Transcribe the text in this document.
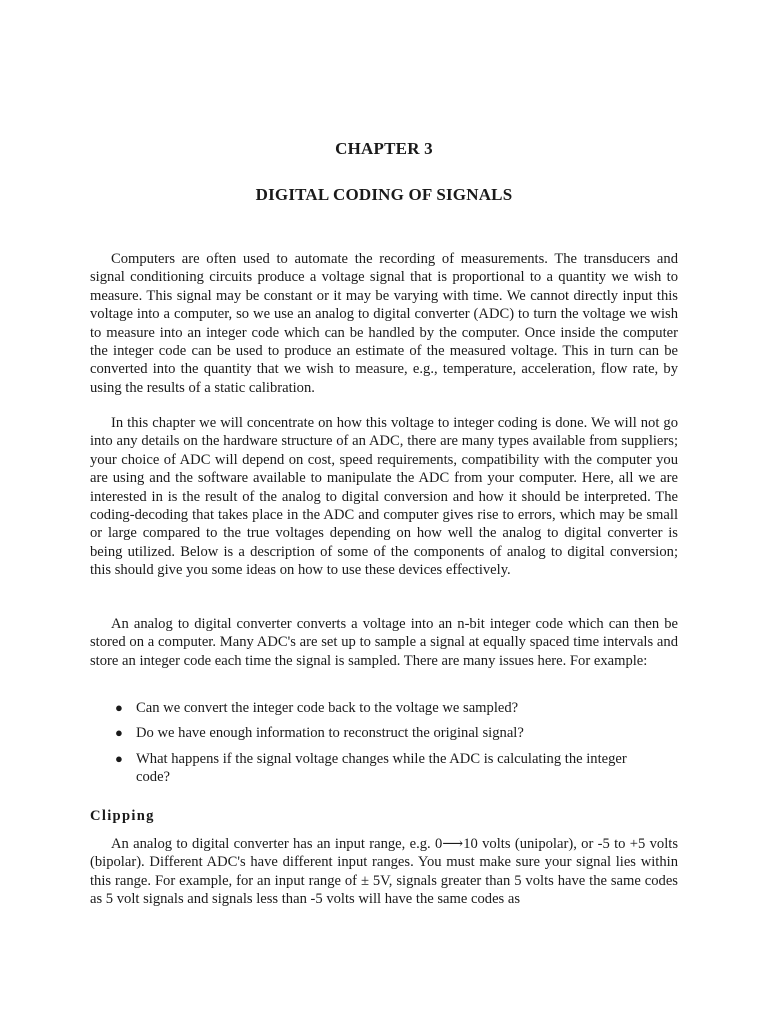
CHAPTER 3
DIGITAL CODING OF SIGNALS

Computers are often used to automate the recording of measurements. The transducers and signal conditioning circuits produce a voltage signal that is proportional to a quantity we wish to measure. This signal may be constant or it may be varying with time. We cannot directly input this voltage into a computer, so we use an analog to digital converter (ADC) to turn the voltage we wish to measure into an integer code which can be handled by the computer. Once inside the computer the integer code can be used to produce an estimate of the measured voltage. This in turn can be converted into the quantity that we wish to measure, e.g., temperature, acceleration, flow rate, by using the results of a static calibration.

In this chapter we will concentrate on how this voltage to integer coding is done. We will not go into any details on the hardware structure of an ADC, there are many types available from suppliers; your choice of ADC will depend on cost, speed requirements, compatibility with the computer you are using and the software available to manipulate the ADC from your computer. Here, all we are interested in is the result of the analog to digital conversion and how it should be interpreted. The coding-decoding that takes place in the ADC and computer gives rise to errors, which may be small or large compared to the true voltages depending on how well the analog to digital converter is being utilized. Below is a description of some of the components of analog to digital conversion; this should give you some ideas on how to use these devices effectively.

An analog to digital converter converts a voltage into an n-bit integer code which can then be stored on a computer. Many ADC's are set up to sample a signal at equally spaced time intervals and store an integer code each time the signal is sampled. There are many issues here. For example:

● Can we convert the integer code back to the voltage we sampled?
● Do we have enough information to reconstruct the original signal?
● What happens if the signal voltage changes while the ADC is calculating the integer code?
Clipping

An analog to digital converter has an input range, e.g. 0⟶10 volts (unipolar), or -5 to +5 volts (bipolar). Different ADC's have different input ranges. You must make sure your signal lies within this range. For example, for an input range of ± 5V, signals greater than 5 volts have the same codes as 5 volt signals and signals less than -5 volts will have the same codes as
